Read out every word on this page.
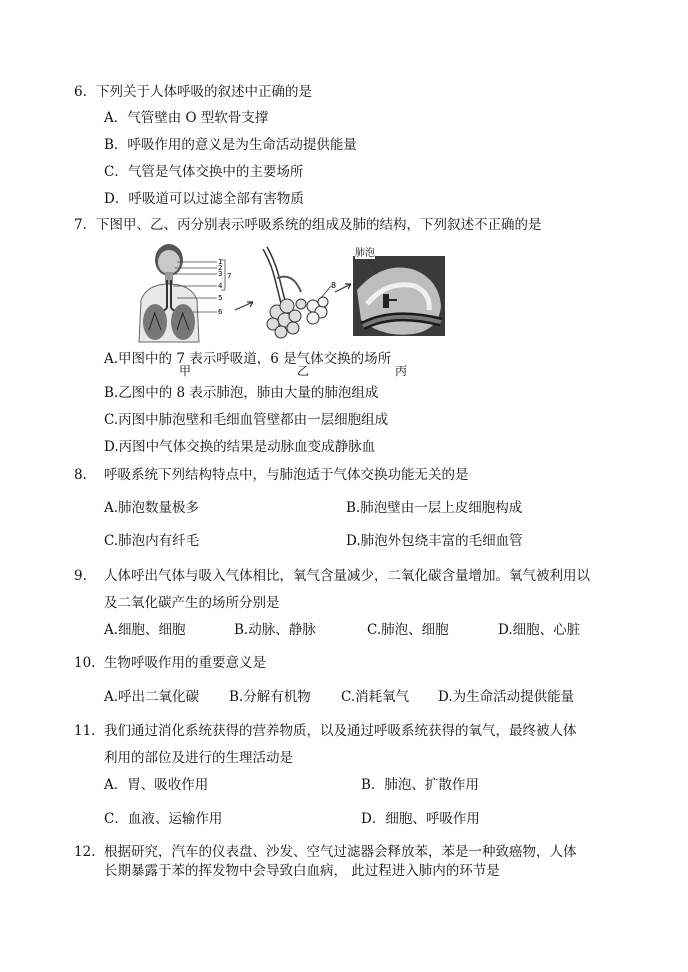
6. 下列关于人体呼吸的叙述中正确的是
A．气管壁由 O 型软骨支撑
B．呼吸作用的意义是为生命活动提供能量
C．气管是气体交换中的主要场所
D．呼吸道可以过滤全部有害物质
7. 下图甲、乙、丙分别表示呼吸系统的组成及肺的结构，下列叙述不正确的是
1
2
3
4
5
6
7
8
肺泡
甲	乙	丙
A.甲图中的 7 表示呼吸道，6 是气体交换的场所
B.乙图中的 8 表示肺泡，肺由大量的肺泡组成
C.丙图中肺泡壁和毛细血管壁都由一层细胞组成
D.丙图中气体交换的结果是动脉血变成静脉血
8. 呼吸系统下列结构特点中，与肺泡适于气体交换功能无关的是
A.肺泡数量极多	B.肺泡壁由一层上皮细胞构成
C.肺泡内有纤毛	D.肺泡外包绕丰富的毛细血管
9. 人体呼出气体与吸入气体相比，氧气含量减少，二氧化碳含量增加。氧气被利用以
及二氧化碳产生的场所分别是
A.细胞、细胞	B.动脉、静脉	C.肺泡、细胞	D.细胞、心脏
10. 生物呼吸作用的重要意义是
A.呼出二氧化碳 B.分解有机物 C.消耗氧气 D.为生命活动提供能量
11. 我们通过消化系统获得的营养物质，以及通过呼吸系统获得的氧气，最终被人体
利用的部位及进行的生理活动是
A．胃、吸收作用	B．肺泡、扩散作用
C．血液、运输作用	D．细胞、呼吸作用
12. 根据研究，汽车的仪表盘、沙发、空气过滤器会释放苯，苯是一种致癌物，人体
长期暴露于苯的挥发物中会导致白血病， 此过程进入肺内的环节是
